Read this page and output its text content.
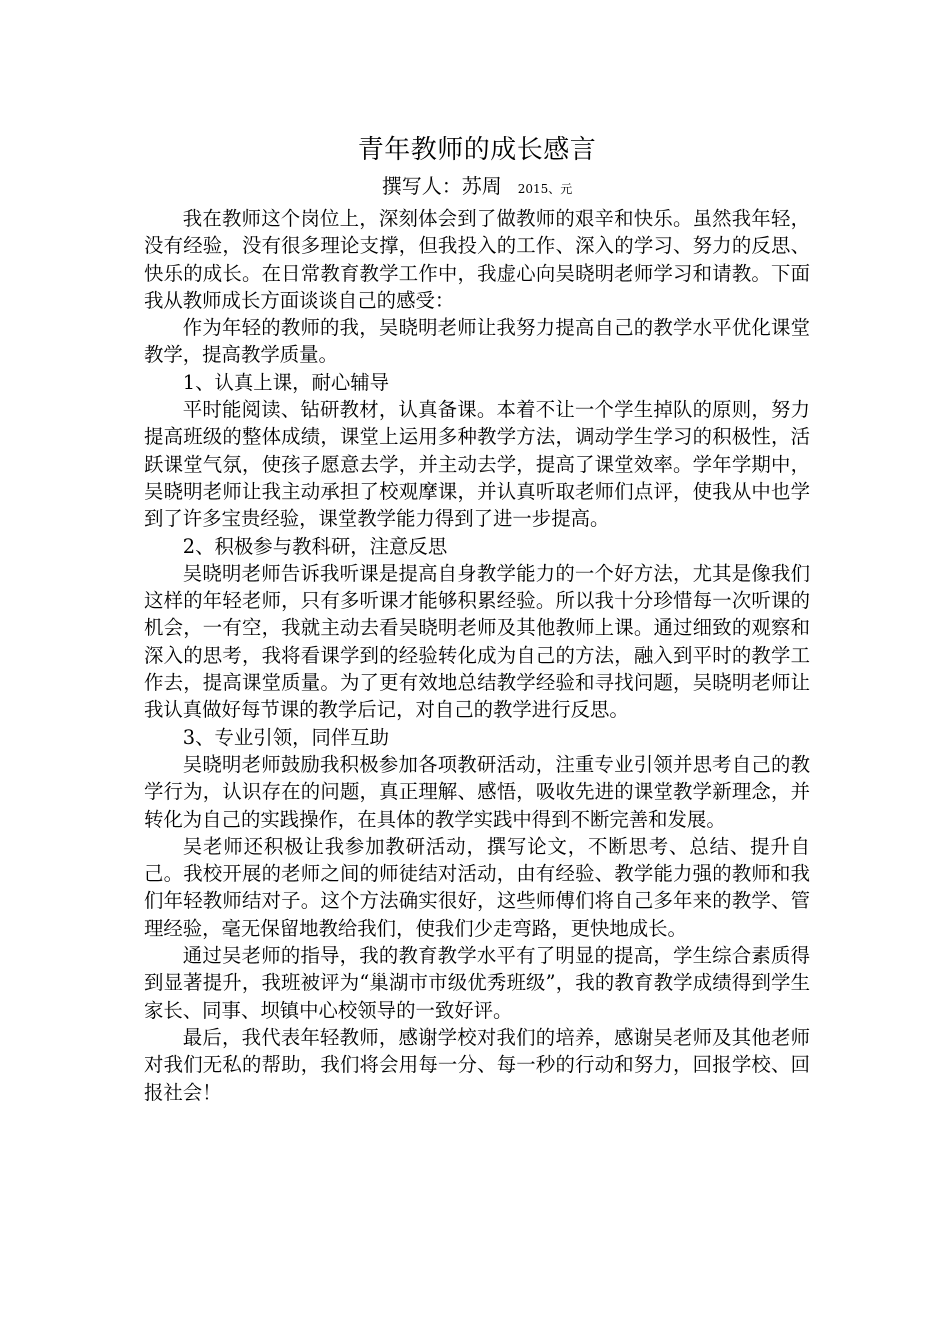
青年教师的成长感言
撰写人：苏周 2015、元

我在教师这个岗位上，深刻体会到了做教师的艰辛和快乐。虽然我年轻，没有经验，没有很多理论支撑，但我投入的工作、深入的学习、努力的反思、快乐的成长。在日常教育教学工作中，我虚心向吴晓明老师学习和请教。下面我从教师成长方面谈谈自己的感受：

作为年轻的教师的我，吴晓明老师让我努力提高自己的教学水平优化课堂教学，提高教学质量。

1、认真上课，耐心辅导

平时能阅读、钻研教材，认真备课。本着不让一个学生掉队的原则，努力提高班级的整体成绩，课堂上运用多种教学方法，调动学生学习的积极性，活跃课堂气氛，使孩子愿意去学，并主动去学，提高了课堂效率。学年学期中，吴晓明老师让我主动承担了校观摩课，并认真听取老师们点评，使我从中也学到了许多宝贵经验，课堂教学能力得到了进一步提高。

2、积极参与教科研，注意反思

吴晓明老师告诉我听课是提高自身教学能力的一个好方法，尤其是像我们这样的年轻老师，只有多听课才能够积累经验。所以我十分珍惜每一次听课的机会，一有空，我就主动去看吴晓明老师及其他教师上课。通过细致的观察和深入的思考，我将看课学到的经验转化成为自己的方法，融入到平时的教学工作去，提高课堂质量。为了更有效地总结教学经验和寻找问题，吴晓明老师让我认真做好每节课的教学后记，对自己的教学进行反思。

3、专业引领，同伴互助

吴晓明老师鼓励我积极参加各项教研活动，注重专业引领并思考自己的教学行为，认识存在的问题，真正理解、感悟，吸收先进的课堂教学新理念，并转化为自己的实践操作，在具体的教学实践中得到不断完善和发展。

吴老师还积极让我参加教研活动，撰写论文，不断思考、总结、提升自己。我校开展的老师之间的师徒结对活动，由有经验、教学能力强的教师和我们年轻教师结对子。这个方法确实很好，这些师傅们将自己多年来的教学、管理经验，毫无保留地教给我们，使我们少走弯路，更快地成长。

通过吴老师的指导，我的教育教学水平有了明显的提高，学生综合素质得到显著提升，我班被评为“巢湖市市级优秀班级”，我的教育教学成绩得到学生家长、同事、坝镇中心校领导的一致好评。

最后，我代表年轻教师，感谢学校对我们的培养，感谢吴老师及其他老师对我们无私的帮助，我们将会用每一分、每一秒的行动和努力，回报学校、回报社会！
